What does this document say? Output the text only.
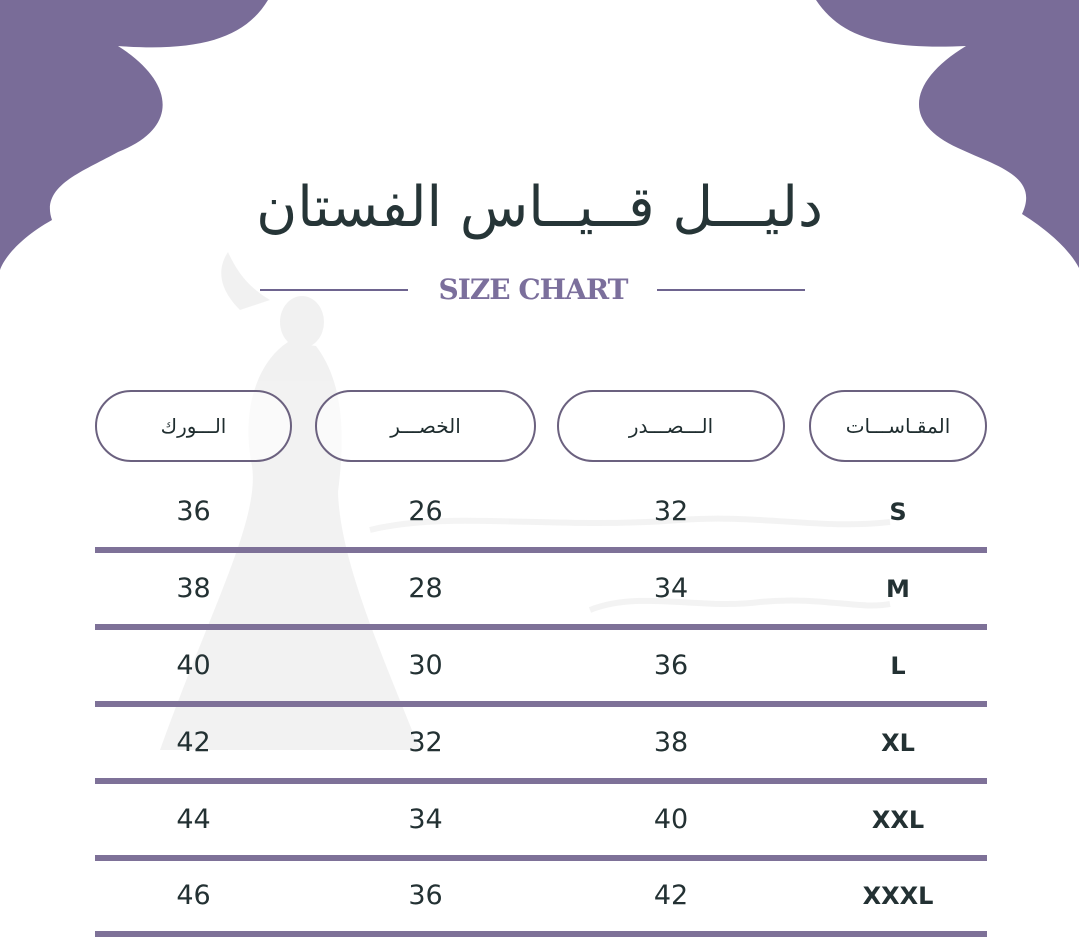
دليـــل قــيــاس الفستان
SIZE CHART
الـــورك	الخصـــر	الـــصـــدر	المقـاســـات
36	26	32	S
38	28	34	M
40	30	36	L
42	32	38	XL
44	34	40	XXL
46	36	42	XXXL
